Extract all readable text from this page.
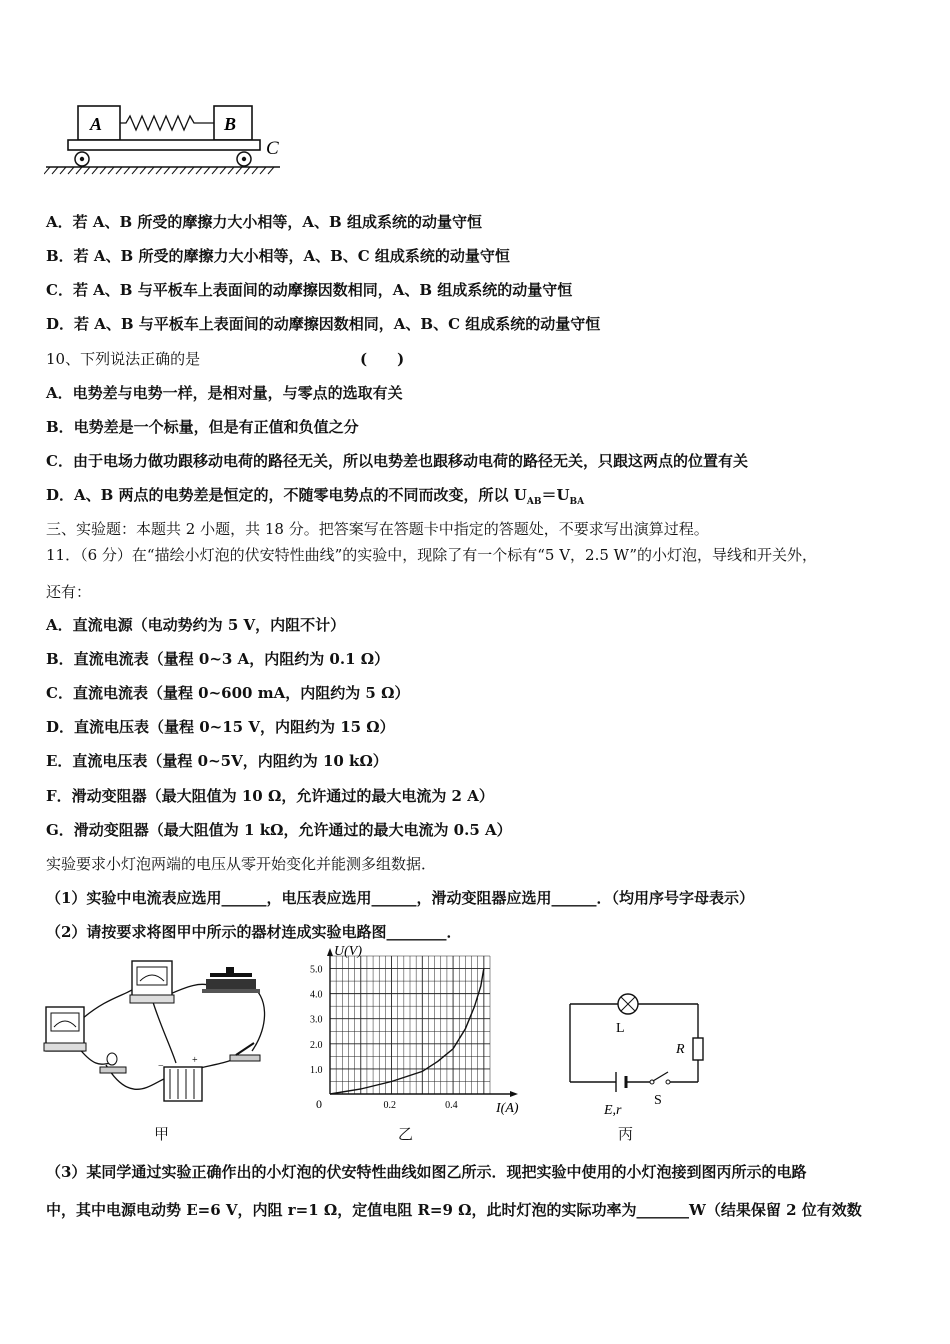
A	B
C
A．若 A、B 所受的摩擦力大小相等，A、B 组成系统的动量守恒
B．若 A、B 所受的摩擦力大小相等，A、B、C 组成系统的动量守恒
C．若 A、B 与平板车上表面间的动摩擦因数相同，A、B 组成系统的动量守恒
D．若 A、B 与平板车上表面间的动摩擦因数相同，A、B、C 组成系统的动量守恒
10、下列说法正确的是	(　　)
A．电势差与电势一样，是相对量，与零点的选取有关
B．电势差是一个标量，但是有正值和负值之分
C．由于电场力做功跟移动电荷的路径无关，所以电势差也跟移动电荷的路径无关，只跟这两点的位置有关
D．A、B 两点的电势差是恒定的，不随零电势点的不同而改变，所以 $U_{AB}=U_{BA}$
三、实验题：本题共 2 小题，共 18 分。把答案写在答题卡中指定的答题处，不要求写出演算过程。
11．（6 分）在“描绘小灯泡的伏安特性曲线”的实验中，现除了有一个标有“5 V，2.5 W”的小灯泡，导线和开关外，
还有：
A．直流电源（电动势约为 5 V，内阻不计）
B．直流电流表（量程 0~3 A，内阻约为 0.1 Ω）
C．直流电流表（量程 0~600 mA，内阻约为 5 Ω）
D．直流电压表（量程 0~15 V，内阻约为 15 Ω）
E．直流电压表（量程 0~5V，内阻约为 10 kΩ）
F．滑动变阻器（最大阻值为 10 Ω，允许通过的最大电流为 2 A）
G．滑动变阻器（最大阻值为 1 kΩ，允许通过的最大电流为 0.5 A）
实验要求小灯泡两端的电压从零开始变化并能测多组数据．
（1）实验中电流表应选用______，电压表应选用______，滑动变阻器应选用______．（均用序号字母表示）
（2）请按要求将图甲中所示的器材连成实验电路图________．
−
+
甲
0.2	0.4
1.0
2.0
3.0
4.0
5.0
0	I(A)
U(V)
乙
L
R
S
E,r
丙
（3）某同学通过实验正确作出的小灯泡的伏安特性曲线如图乙所示．现把实验中使用的小灯泡接到图丙所示的电路
中，其中电源电动势 E=6 V，内阻 r=1 Ω，定值电阻 R=9 Ω，此时灯泡的实际功率为_______W（结果保留 2 位有效数
